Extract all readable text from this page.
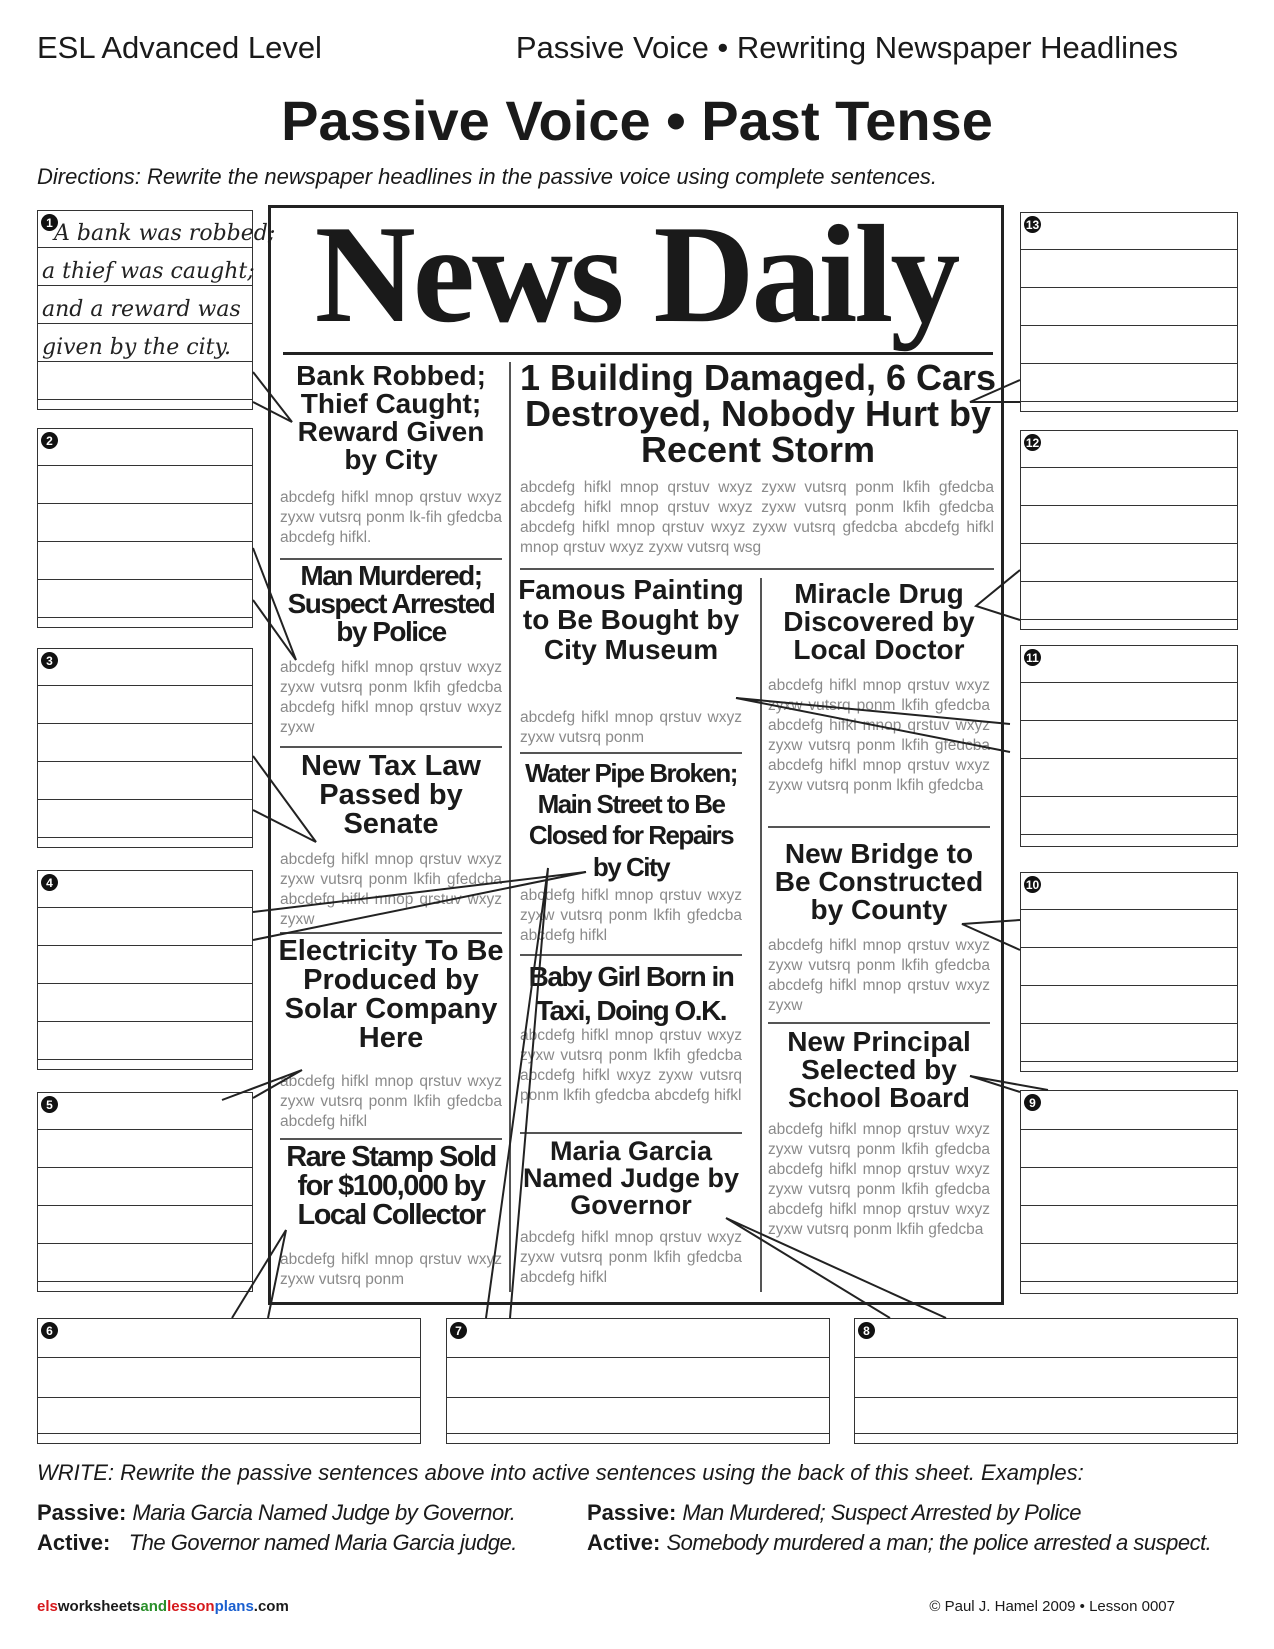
ESL Advanced Level	Passive Voice • Rewriting Newspaper Headlines
Passive Voice • Past Tense
Directions: Rewrite the newspaper headlines in the passive voice using complete sentences.
News Daily
Bank Robbed; Thief Caught; Reward Given by City
abcdefg hifkl mnop qrstuv wxyz zyxw vutsrq ponm lk-fih gfedcba abcdefg hifkl.
Man Murdered; Suspect Arrested by Police
abcdefg hifkl mnop qrstuv wxyz zyxw vutsrq ponm lkfih gfedcba abcdefg hifkl mnop qrstuv wxyz zyxw
New Tax Law Passed by Senate
abcdefg hifkl mnop qrstuv wxyz zyxw vutsrq ponm lkfih gfedcba abcdefg hifkl mnop qrstuv wxyz zyxw
Electricity To Be Produced by Solar Company Here
abcdefg hifkl mnop qrstuv wxyz zyxw vutsrq ponm lkfih gfedcba abcdefg hifkl
Rare Stamp Sold for $100,000 by Local Collector
abcdefg hifkl mnop qrstuv wxyz zyxw vutsrq ponm
1 Building Damaged, 6 Cars Destroyed, Nobody Hurt by Recent Storm
abcdefg hifkl mnop qrstuv wxyz zyxw vutsrq ponm lkfih gfedcba abcdefg hifkl mnop qrstuv wxyz zyxw vutsrq ponm lkfih gfedcba abcdefg hifkl mnop qrstuv wxyz zyxw vutsrq gfedcba abcdefg hifkl mnop qrstuv wxyz zyxw vutsrq wsg
Famous Painting to Be Bought by City Museum
abcdefg hifkl mnop qrstuv wxyz zyxw vutsrq ponm
Water Pipe Broken; Main Street to Be Closed for Repairs by City
abcdefg hifkl mnop qrstuv wxyz zyxw vutsrq ponm lkfih gfedcba abcdefg hifkl
Baby Girl Born in Taxi, Doing O.K.
abcdefg hifkl mnop qrstuv wxyz zyxw vutsrq ponm lkfih gfedcba abcdefg hifkl wxyz zyxw vutsrq ponm lkfih gfedcba abcdefg hifkl
Maria Garcia Named Judge by Governor
abcdefg hifkl mnop qrstuv wxyz zyxw vutsrq ponm lkfih gfedcba abcdefg hifkl
Miracle Drug Discovered by Local Doctor
abcdefg hifkl mnop qrstuv wxyz zyxw vutsrq ponm lkfih gfedcba abcdefg hifkl mnop qrstuv wxyz zyxw vutsrq ponm lkfih gfedcba abcdefg hifkl mnop qrstuv wxyz zyxw vutsrq ponm lkfih gfedcba
New Bridge to Be Constructed by County
abcdefg hifkl mnop qrstuv wxyz zyxw vutsrq ponm lkfih gfedcba abcdefg hifkl mnop qrstuv wxyz zyxw
New Principal Selected by School Board
abcdefg hifkl mnop qrstuv wxyz zyxw vutsrq ponm lkfih gfedcba abcdefg hifkl mnop qrstuv wxyz zyxw vutsrq ponm lkfih gfedcba abcdefg hifkl mnop qrstuv wxyz zyxw vutsrq ponm lkfih gfedcba
1 A bank was robbed;
a thief was caught;
and a reward was
given by the city.
2
3
4
5
6	7	8
9
10
11
12
13
WRITE: Rewrite the passive sentences above into active sentences using the back of this sheet. Examples:
Passive: Maria Garcia Named Judge by Governor.
Active: The Governor named Maria Garcia judge.
Passive: Man Murdered; Suspect Arrested by Police
Active: Somebody murdered a man; the police arrested a suspect.
elsworksheetsandlessonplans.com	© Paul J. Hamel 2009 • Lesson 0007
